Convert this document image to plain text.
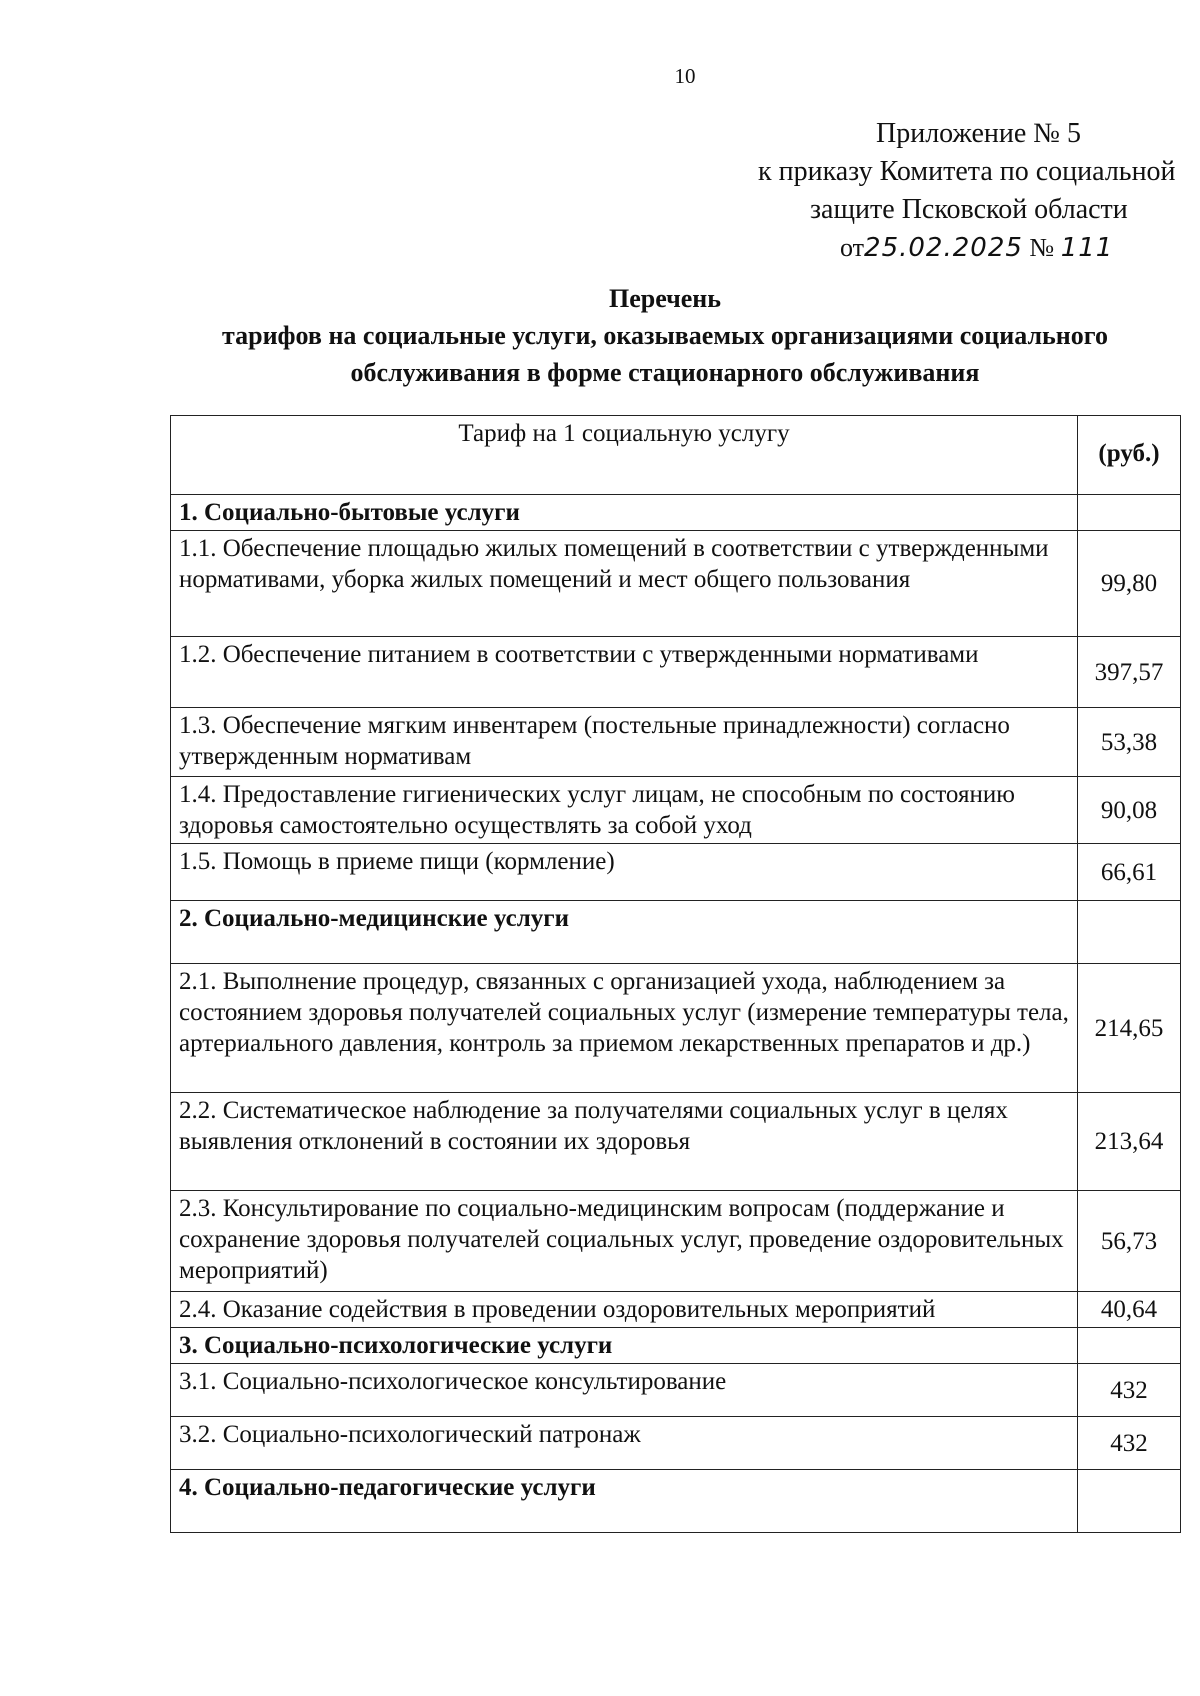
10
Приложение № 5
к приказу Комитета по социальной
защите Псковской области
от25.02.2025 № 111
Перечень
тарифов на социальные услуги, оказываемых организациями социального
обслуживания в форме стационарного обслуживания
Тариф на 1 социальную услугу	(руб.)
1. Социально-бытовые услуги	
1.1. Обеспечение площадью жилых помещений в соответствии с утвержденными нормативами, уборка жилых помещений и мест общего пользования	99,80
1.2. Обеспечение питанием в соответствии с утвержденными нормативами	397,57
1.3. Обеспечение мягким инвентарем (постельные принадлежности) согласно утвержденным нормативам	53,38
1.4. Предоставление гигиенических услуг лицам, не способным по состоянию здоровья самостоятельно осуществлять за собой уход	90,08
1.5. Помощь в приеме пищи (кормление)	66,61
2. Социально-медицинские услуги	
2.1. Выполнение процедур, связанных с организацией ухода, наблюдением за состоянием здоровья получателей социальных услуг (измерение температуры тела, артериального давления, контроль за приемом лекарственных препаратов и др.)	214,65
2.2. Систематическое наблюдение за получателями социальных услуг в целях выявления отклонений в состоянии их здоровья	213,64
2.3. Консультирование по социально-медицинским вопросам (поддержание и сохранение здоровья получателей социальных услуг, проведение оздоровительных мероприятий)	56,73
2.4. Оказание содействия в проведении оздоровительных мероприятий	40,64
3. Социально-психологические услуги	
3.1. Социально-психологическое консультирование	432
3.2. Социально-психологический патронаж	432
4. Социально-педагогические услуги	
